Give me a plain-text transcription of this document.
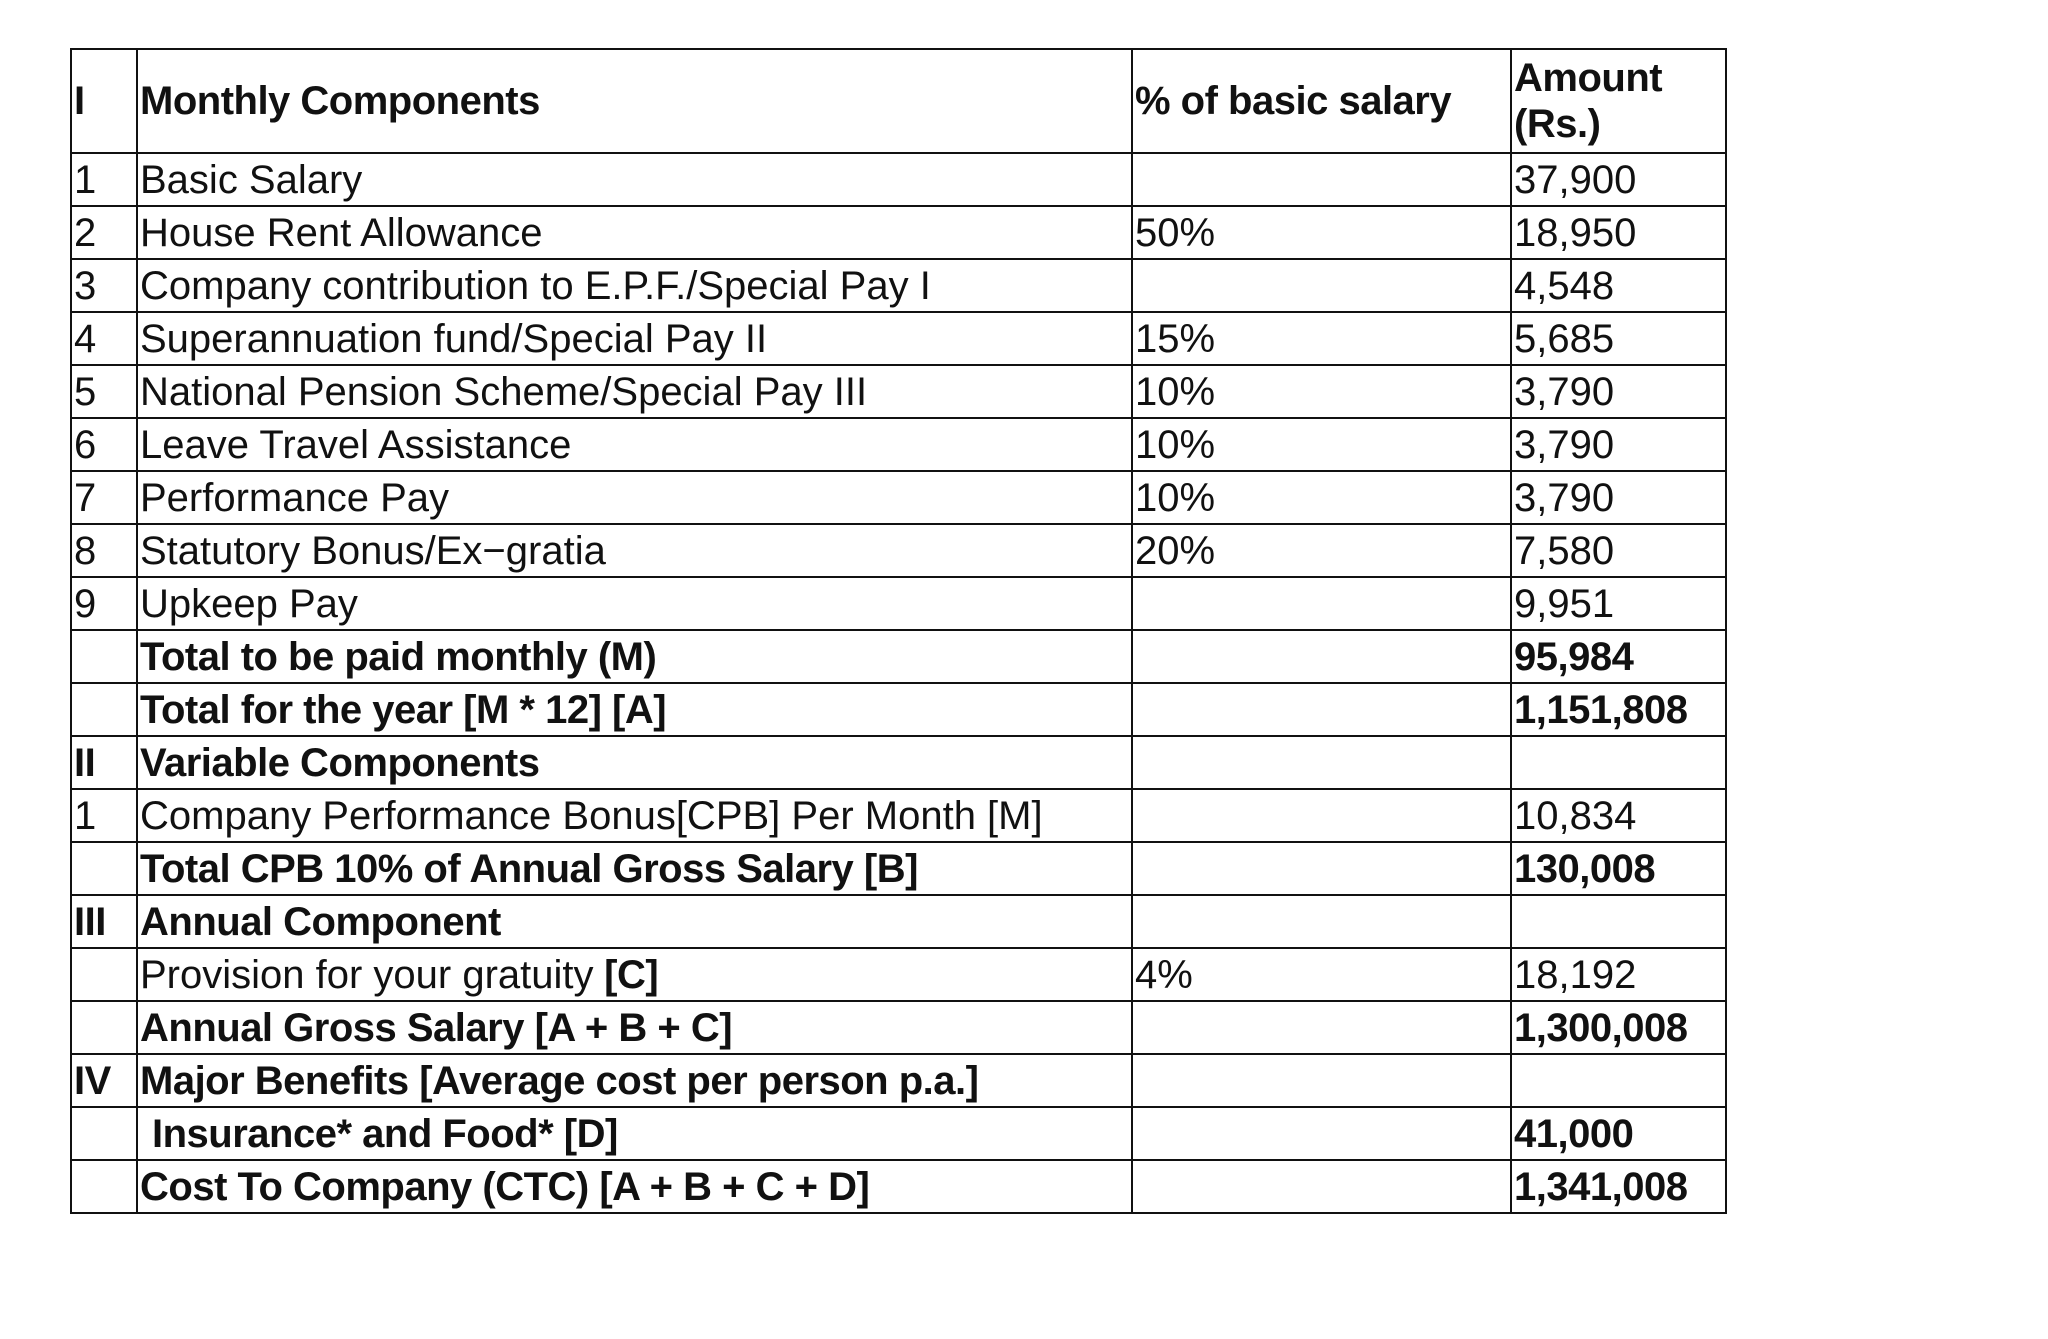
I	Monthly Components	% of basic salary	Amount (Rs.)
1	Basic Salary		37,900
2	House Rent Allowance	50%	18,950
3	Company contribution to E.P.F./Special Pay I		4,548
4	Superannuation fund/Special Pay II	15%	5,685
5	National Pension Scheme/Special Pay III	10%	3,790
6	Leave Travel Assistance	10%	3,790
7	Performance Pay	10%	3,790
8	Statutory Bonus/Ex−gratia	20%	7,580
9	Upkeep Pay		9,951
	Total to be paid monthly (M)		95,984
	Total for the year [M * 12] [A]		1,151,808
II	Variable Components		
1	Company Performance Bonus[CPB] Per Month [M]		10,834
	Total CPB 10% of Annual Gross Salary [B]		130,008
III	Annual Component		
	Provision for your gratuity [C]	4%	18,192
	Annual Gross Salary [A + B + C]		1,300,008
IV	Major Benefits [Average cost per person p.a.]		
	Insurance* and Food* [D]		41,000
	Cost To Company (CTC) [A + B + C + D]		1,341,008
